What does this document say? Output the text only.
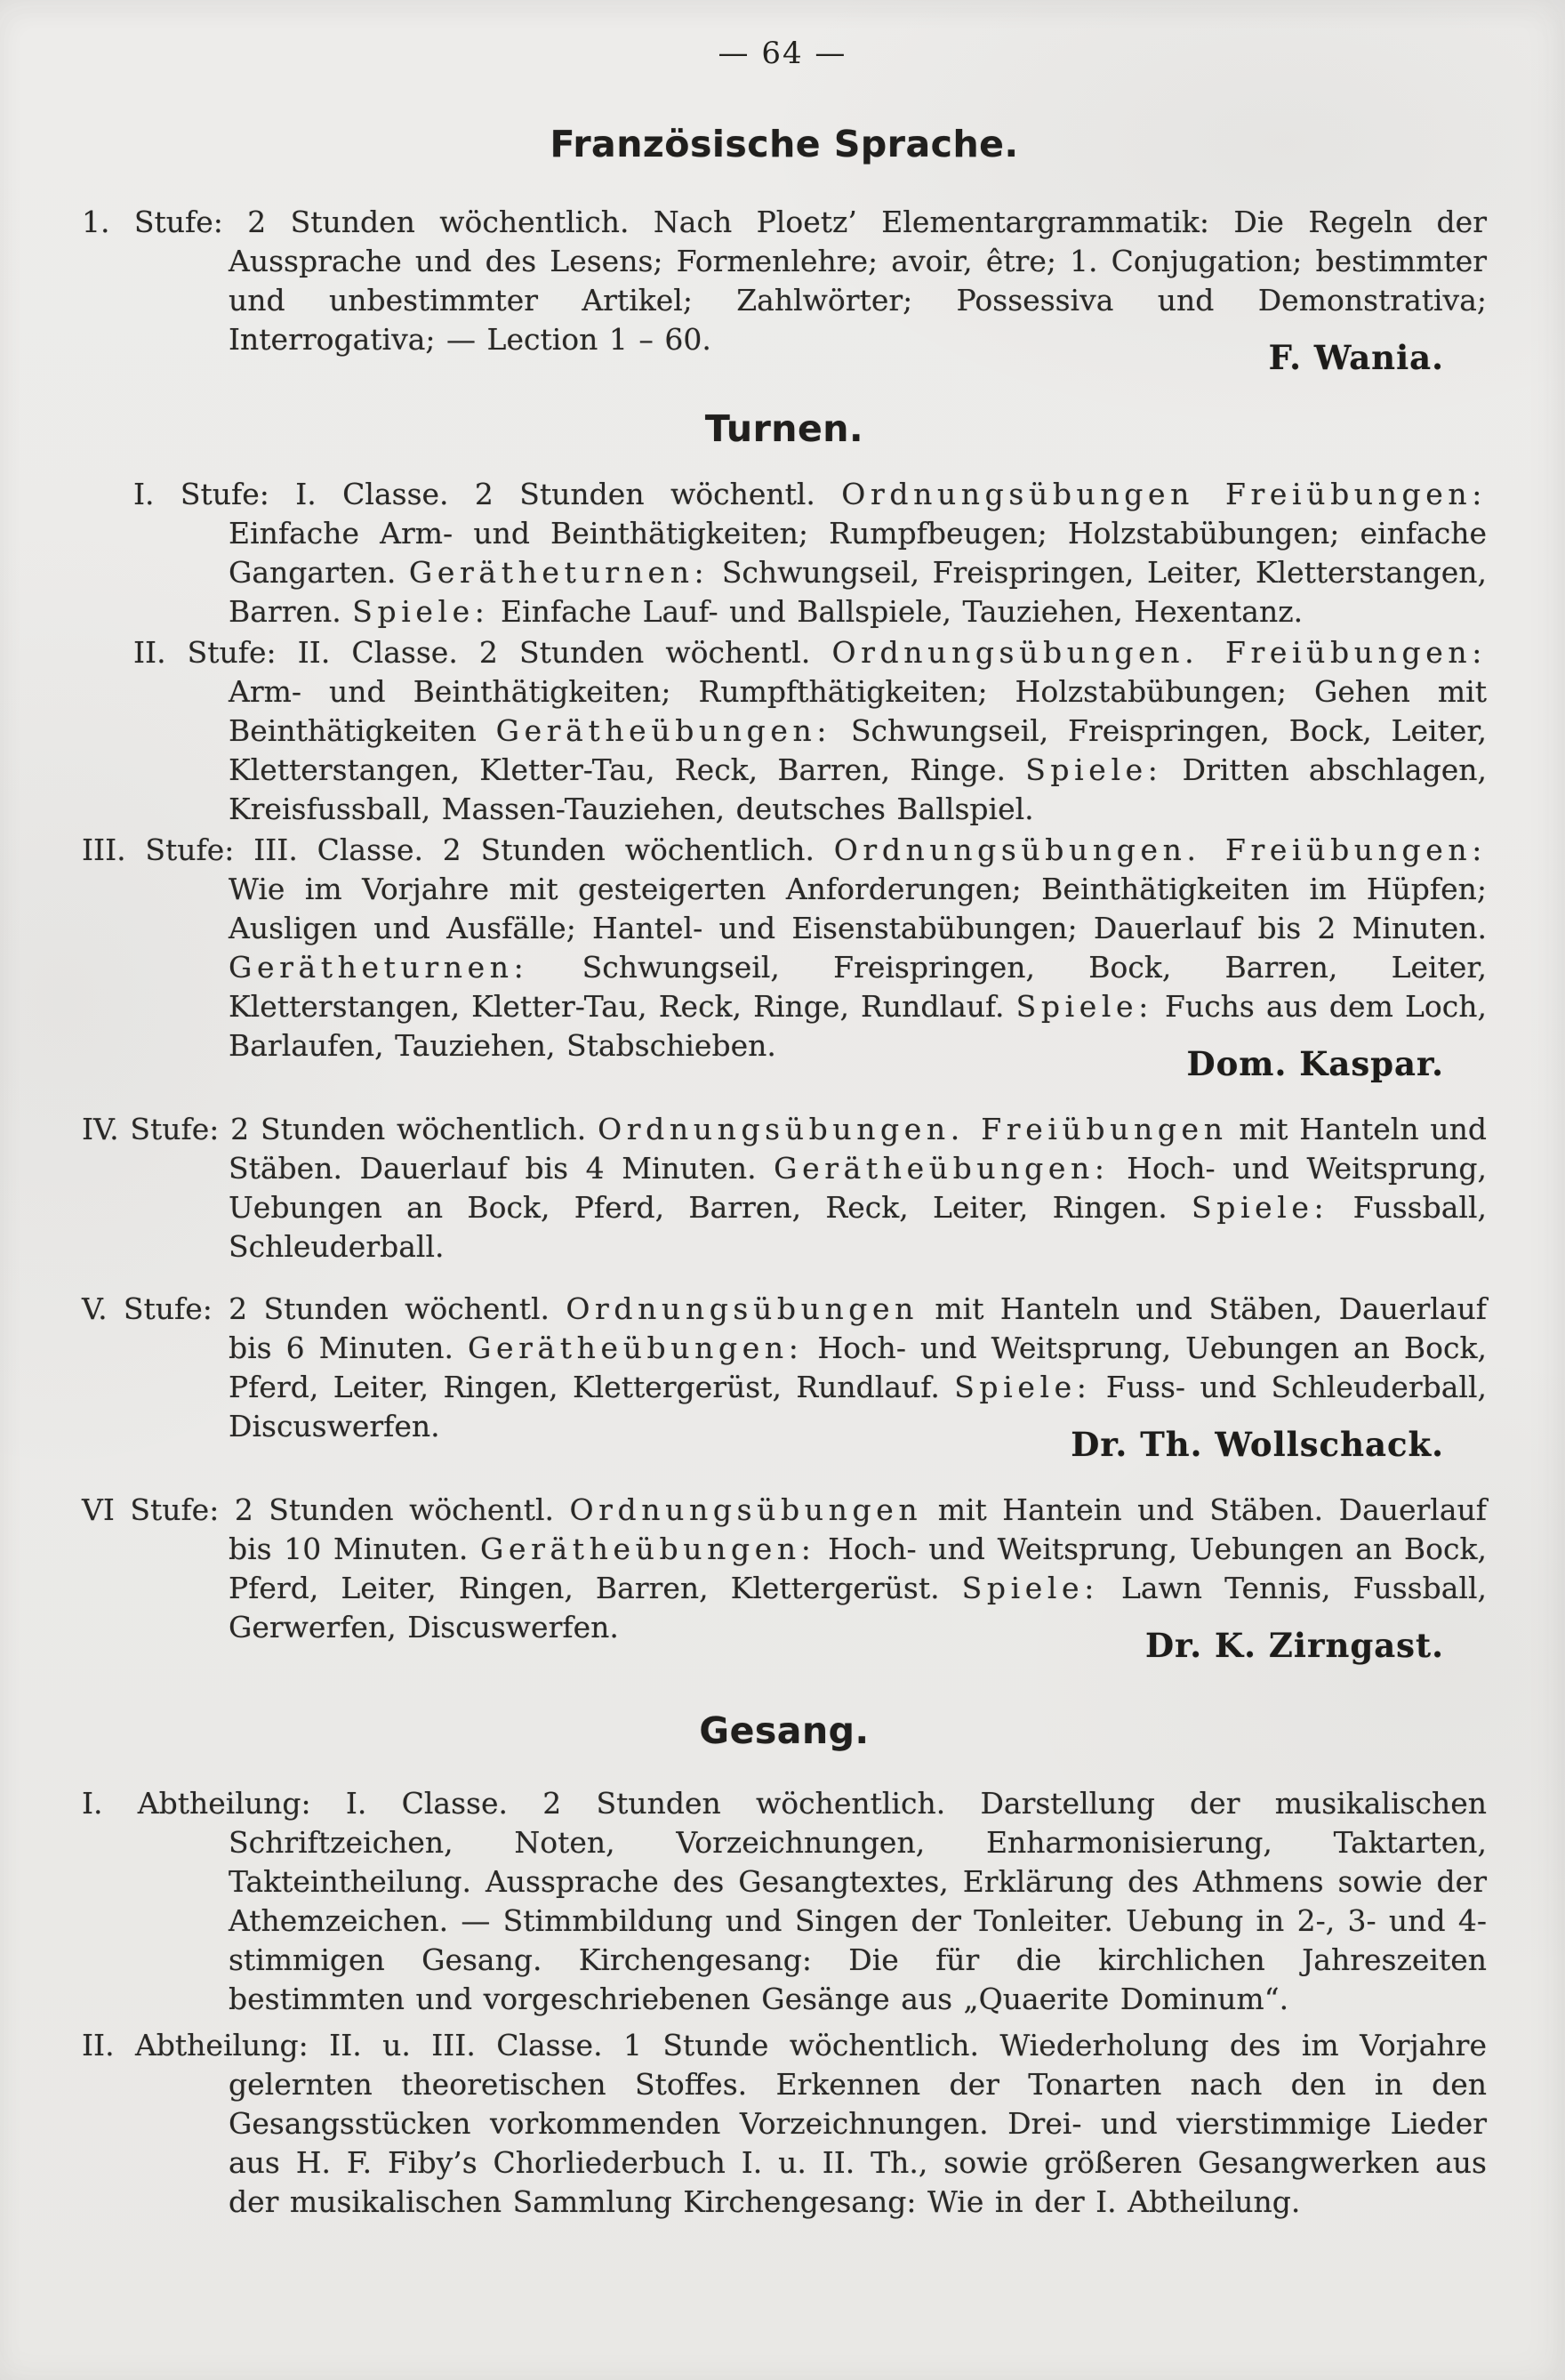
— 64 —
Französische Sprache.

1. Stufe: 2 Stunden wöchentlich. Nach Ploetz’ Elementargrammatik: Die Regeln der Aussprache und des Lesens; Formenlehre; avoir, être; 1. Conjugation; bestimmter und unbestimmter Artikel; Zahlwörter; Possessiva und Demonstrativa; Interrogativa; — Lection 1 – 60.	F. Wania.
Turnen.

I. Stufe: I. Classe. 2 Stunden wöchentl. Ordnungsübungen Freiübungen: Einfache Arm- und Beinthätigkeiten; Rumpfbeugen; Holzstabübungen; einfache Gangarten. Gerätheturnen: Schwungseil, Freispringen, Leiter, Kletterstangen, Barren. Spiele: Einfache Lauf- und Ballspiele, Tauziehen, Hexentanz.

II. Stufe: II. Classe. 2 Stunden wöchentl. Ordnungsübungen. Freiübungen: Arm- und Beinthätigkeiten; Rumpfthätigkeiten; Holzstabübungen; Gehen mit Beinthätigkeiten Gerätheübungen: Schwungseil, Freispringen, Bock, Leiter, Kletterstangen, Kletter-Tau, Reck, Barren, Ringe. Spiele: Dritten abschlagen, Kreisfussball, Massen-Tauziehen, deutsches Ballspiel.

III. Stufe: III. Classe. 2 Stunden wöchentlich. Ordnungsübungen. Freiübungen: Wie im Vorjahre mit gesteigerten Anforderungen; Beinthätigkeiten im Hüpfen; Ausligen und Ausfälle; Hantel- und Eisenstabübungen; Dauerlauf bis 2 Minuten. Gerätheturnen: Schwungseil, Freispringen, Bock, Barren, Leiter, Kletterstangen, Kletter-Tau, Reck, Ringe, Rundlauf. Spiele: Fuchs aus dem Loch, Barlaufen, Tauziehen, Stabschieben.	Dom. Kaspar.

IV. Stufe: 2 Stunden wöchentlich. Ordnungsübungen. Freiübungen mit Hanteln und Stäben. Dauerlauf bis 4 Minuten. Gerätheübungen: Hoch- und Weitsprung, Uebungen an Bock, Pferd, Barren, Reck, Leiter, Ringen. Spiele: Fussball, Schleuderball.

V. Stufe: 2 Stunden wöchentl. Ordnungsübungen mit Hanteln und Stäben, Dauerlauf bis 6 Minuten. Gerätheübungen: Hoch- und Weitsprung, Uebungen an Bock, Pferd, Leiter, Ringen, Klettergerüst, Rundlauf. Spiele: Fuss- und Schleuderball, Discuswerfen.	Dr. Th. Wollschack.

VI Stufe: 2 Stunden wöchentl. Ordnungsübungen mit Hantein und Stäben. Dauerlauf bis 10 Minuten. Gerätheübungen: Hoch- und Weitsprung, Uebungen an Bock, Pferd, Leiter, Ringen, Barren, Klettergerüst. Spiele: Lawn Tennis, Fussball, Gerwerfen, Discuswerfen.	Dr. K. Zirngast.
Gesang.

I. Abtheilung: I. Classe. 2 Stunden wöchentlich. Darstellung der musikalischen Schriftzeichen, Noten, Vorzeichnungen, Enharmonisierung, Taktarten, Takteintheilung. Aussprache des Gesangtextes, Erklärung des Athmens sowie der Athemzeichen. — Stimmbildung und Singen der Tonleiter. Uebung in 2-, 3- und 4-stimmigen Gesang. Kirchengesang: Die für die kirchlichen Jahreszeiten bestimmten und vorgeschriebenen Gesänge aus „Quaerite Dominum“.

II. Abtheilung: II. u. III. Classe. 1 Stunde wöchentlich. Wiederholung des im Vorjahre gelernten theoretischen Stoffes. Erkennen der Tonarten nach den in den Gesangsstücken vorkommenden Vorzeichnungen. Drei- und vierstimmige Lieder aus H. F. Fiby’s Chorliederbuch I. u. II. Th., sowie größeren Gesangwerken aus der musikalischen Sammlung Kirchengesang: Wie in der I. Abtheilung.
